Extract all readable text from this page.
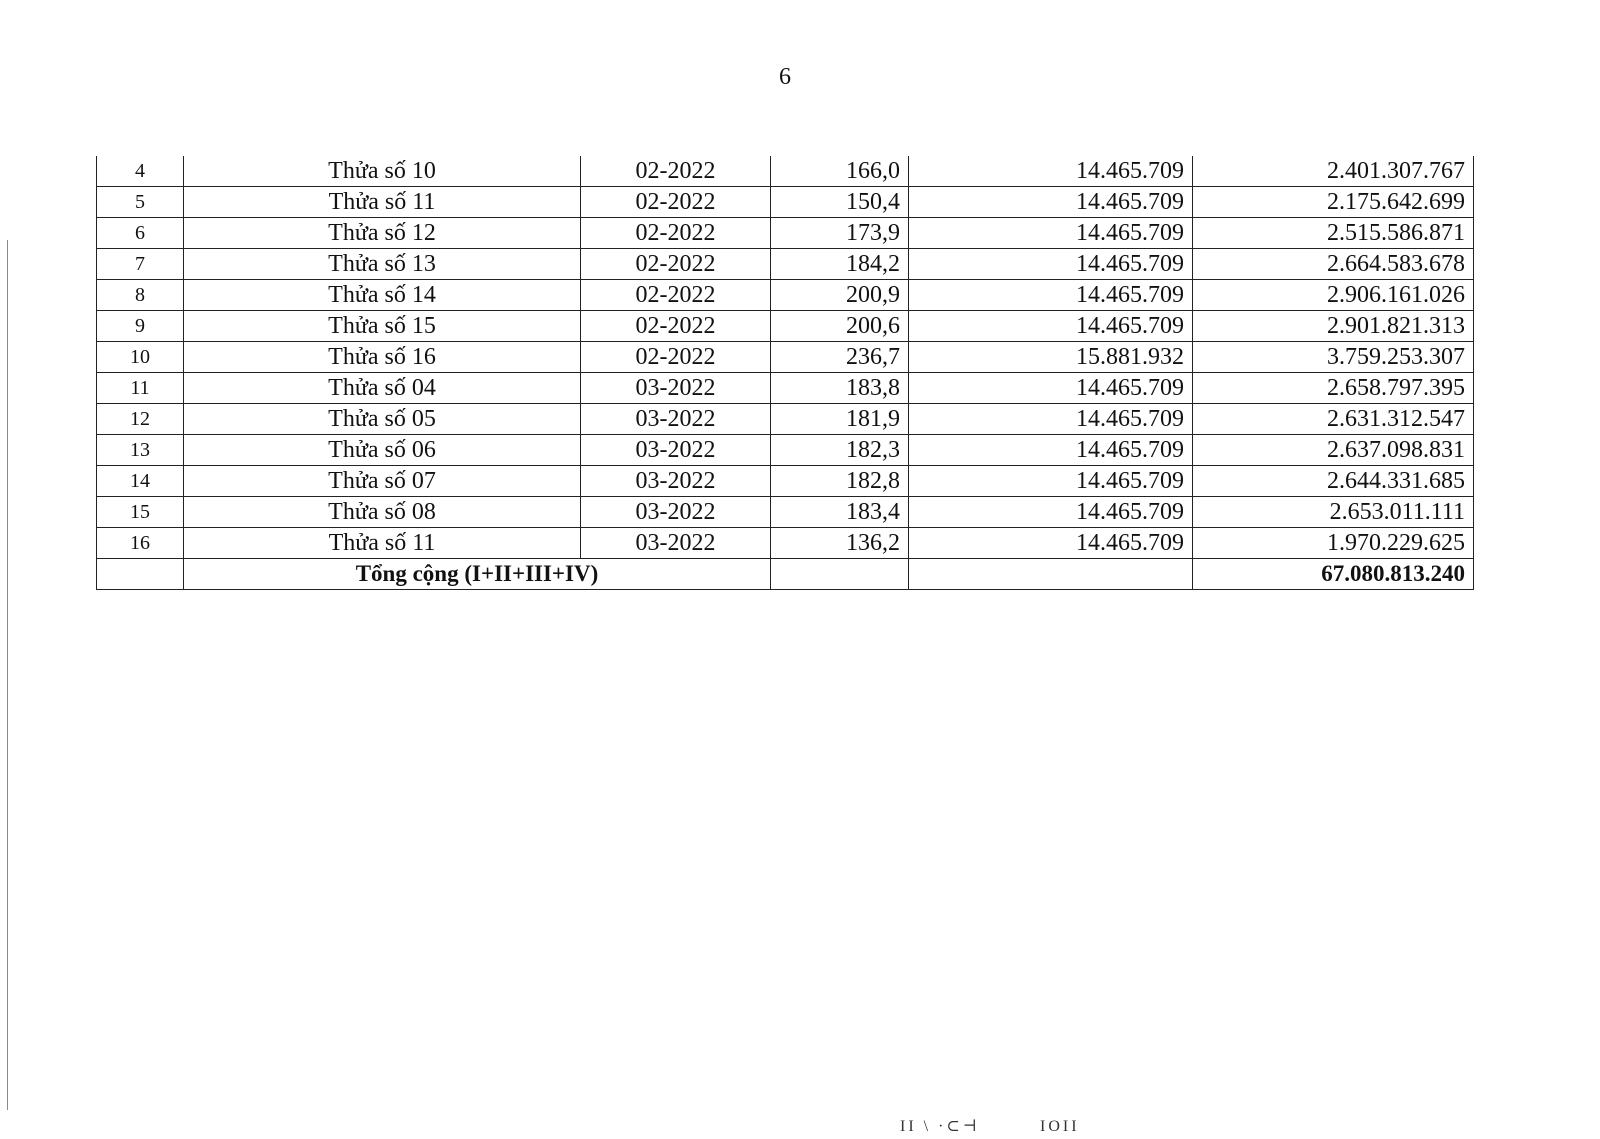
6
4	Thửa số 10	02-2022	166,0	14.465.709	2.401.307.767
5	Thửa số 11	02-2022	150,4	14.465.709	2.175.642.699
6	Thửa số 12	02-2022	173,9	14.465.709	2.515.586.871
7	Thửa số 13	02-2022	184,2	14.465.709	2.664.583.678
8	Thửa số 14	02-2022	200,9	14.465.709	2.906.161.026
9	Thửa số 15	02-2022	200,6	14.465.709	2.901.821.313
10	Thửa số 16	02-2022	236,7	15.881.932	3.759.253.307
11	Thửa số 04	03-2022	183,8	14.465.709	2.658.797.395
12	Thửa số 05	03-2022	181,9	14.465.709	2.631.312.547
13	Thửa số 06	03-2022	182,3	14.465.709	2.637.098.831
14	Thửa số 07	03-2022	182,8	14.465.709	2.644.331.685
15	Thửa số 08	03-2022	183,4	14.465.709	2.653.011.111
16	Thửa số 11	03-2022	136,2	14.465.709	1.970.229.625
	Tổng cộng (I+II+III+IV)				67.080.813.240
II \ ·⊂⊣	IOII
